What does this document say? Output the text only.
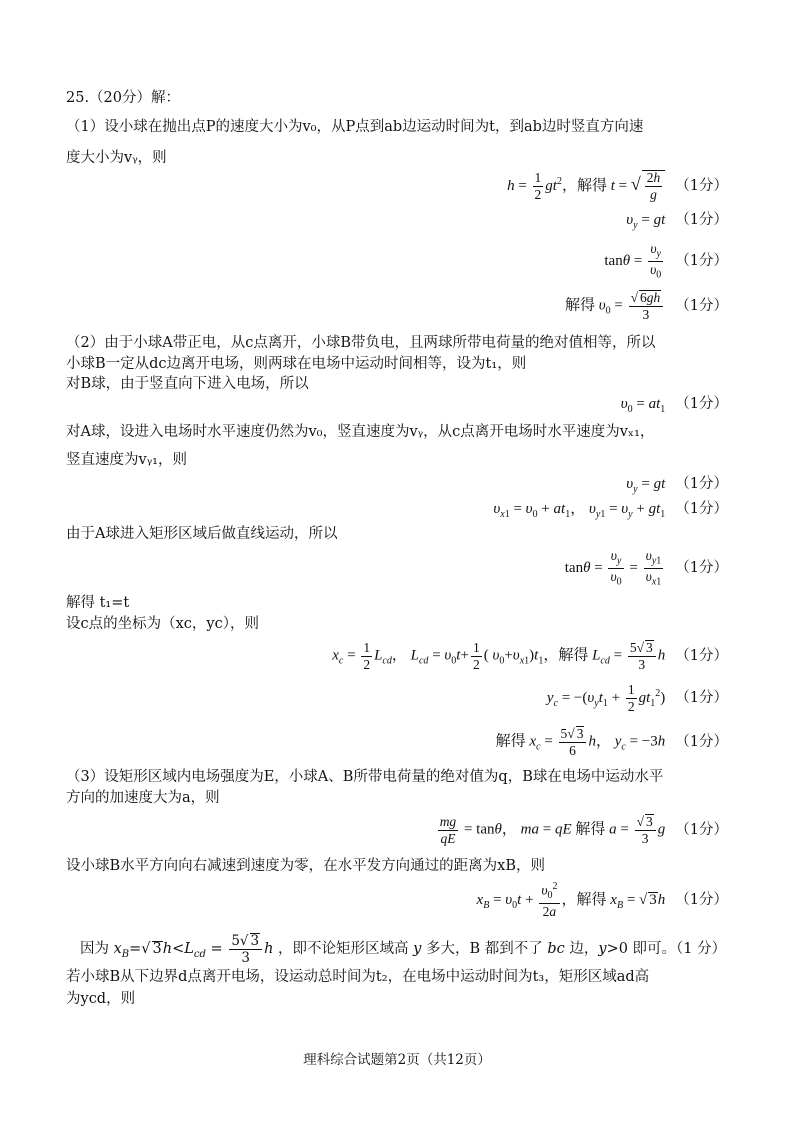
25.（20分）解：
（1）设小球在抛出点P的速度大小为v₀，从P点到ab边运动时间为t，到ab边时竖直方向速
度大小为vᵧ，则
$h = \frac{1}{2} gt^2$，解得 t = √ $\frac{2h}{g} (1$分）
$\upsilon_y$ = gt （1分）
$\tan\theta = \frac{\upsilon_y}{\upsilon_0} (1$分）
解得 $\upsilon_0 = \frac{√ 6gh}{3} (1$分）
（2）由于小球A带正电，从c点离开，小球B带负电，且两球所带电荷量的绝对值相等，所以
小球B一定从dc边离开电场，则两球在电场中运动时间相等，设为t₁，则
对B球，由于竖直向下进入电场，所以
$\upsilon_0 = at_1$ （1分）
对A球，设进入电场时水平速度仍然为v₀，竖直速度为vᵧ，从c点离开电场时水平速度为vₓ₁，
竖直速度为vᵧ₁，则
$\upsilon_y$ = gt （1分）
$\upsilon_{x1} = \upsilon_0 + at_1$， $\upsilon_{y1} = \upsilon_y + gt_1$ （1分）
由于A球进入矩形区域后做直线运动，所以
$\tan\theta = \frac{\upsilon_y}{\upsilon_0} = \frac{\upsilon_{y1}}{\upsilon_{x1}} (1$分）
解得 t₁=t
设c点的坐标为（xc，yc），则
$x_c = \frac{1}{2} L_{cd}$， $L_{cd} = \upsilon_0t+ \frac{1}{2}$ ( $\upsilon_0+\upsilon_{x1})t_1$，解得 $L_{cd} = \frac{5√ 3}{3}$ h （1分）
$y_c = -(\upsilon_yt_1 + \frac{1}{2} gt_1^2)$ （1分）
解得 $x_c = \frac{5√ 3}{6}$ h， $y_c = -3h$ （1分）
（3）设矩形区域内电场强度为E，小球A、B所带电荷量的绝对值为q，B球在电场中运动水平
方向的加速度大为a，则
$\frac{mg}{qE} = \tan\theta$， ma = qE 解得 $a = \frac{√ 3}{3}$ g （1分）
设小球B水平方向向右减速到速度为零，在水平发方向通过的距离为xB，则
$x_B = \upsilon_0t + \frac{\upsilon_0^2}{2a}$ ，解得 $x_B$ = √ 3h （1分）
因为 $x_B=√$ $3h<L_{cd} = \frac{5√ 3}{3}$ h ，即不论矩形区域高 y 多大，B 都到不了 bc 边，y>0 即可。（1 分）
若小球B从下边界d点离开电场，设运动总时间为t₂，在电场中运动时间为t₃，矩形区域ad高
为ycd，则
理科综合试题第2页（共12页）
